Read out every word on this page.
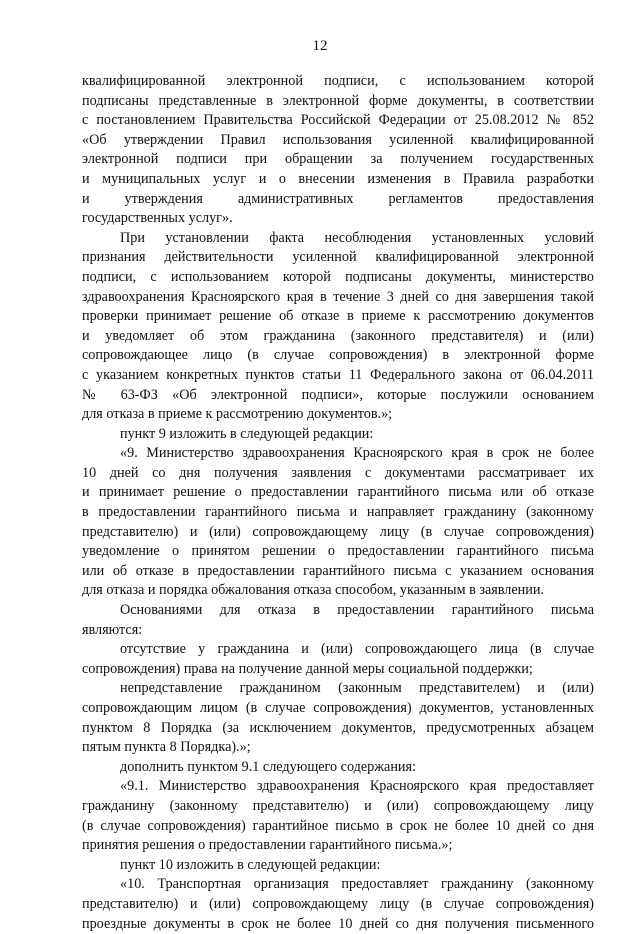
12
квалифицированной электронной подписи, с использованием которой
подписаны представленные в электронной форме документы, в соответствии
с постановлением Правительства Российской Федерации от 25.08.2012 № 852
«Об утверждении Правил использования усиленной квалифицированной
электронной подписи при обращении за получением государственных
и муниципальных услуг и о внесении изменения в Правила разработки
и утверждения административных регламентов предоставления
государственных услуг».
При установлении факта несоблюдения установленных условий
признания действительности усиленной квалифицированной электронной
подписи, с использованием которой подписаны документы, министерство
здравоохранения Красноярского края в течение 3 дней со дня завершения такой
проверки принимает решение об отказе в приеме к рассмотрению документов
и уведомляет об этом гражданина (законного представителя) и (или)
сопровождающее лицо (в случае сопровождения) в электронной форме
с указанием конкретных пунктов статьи 11 Федерального закона от 06.04.2011
№ 63-ФЗ «Об электронной подписи», которые послужили основанием
для отказа в приеме к рассмотрению документов.»;
пункт 9 изложить в следующей редакции:
«9. Министерство здравоохранения Красноярского края в срок не более
10 дней со дня получения заявления с документами рассматривает их
и принимает решение о предоставлении гарантийного письма или об отказе
в предоставлении гарантийного письма и направляет гражданину (законному
представителю) и (или) сопровождающему лицу (в случае сопровождения)
уведомление о принятом решении о предоставлении гарантийного письма
или об отказе в предоставлении гарантийного письма с указанием основания
для отказа и порядка обжалования отказа способом, указанным в заявлении.
Основаниями для отказа в предоставлении гарантийного письма
являются:
отсутствие у гражданина и (или) сопровождающего лица (в случае
сопровождения) права на получение данной меры социальной поддержки;
непредставление гражданином (законным представителем) и (или)
сопровождающим лицом (в случае сопровождения) документов, установленных
пунктом 8 Порядка (за исключением документов, предусмотренных абзацем
пятым пункта 8 Порядка).»;
дополнить пунктом 9.1 следующего содержания:
«9.1. Министерство здравоохранения Красноярского края предоставляет
гражданину (законному представителю) и (или) сопровождающему лицу
(в случае сопровождения) гарантийное письмо в срок не более 10 дней со дня
принятия решения о предоставлении гарантийного письма.»;
пункт 10 изложить в следующей редакции:
«10. Транспортная организация предоставляет гражданину (законному
представителю) и (или) сопровождающему лицу (в случае сопровождения)
проездные документы в срок не более 10 дней со дня получения письменного
